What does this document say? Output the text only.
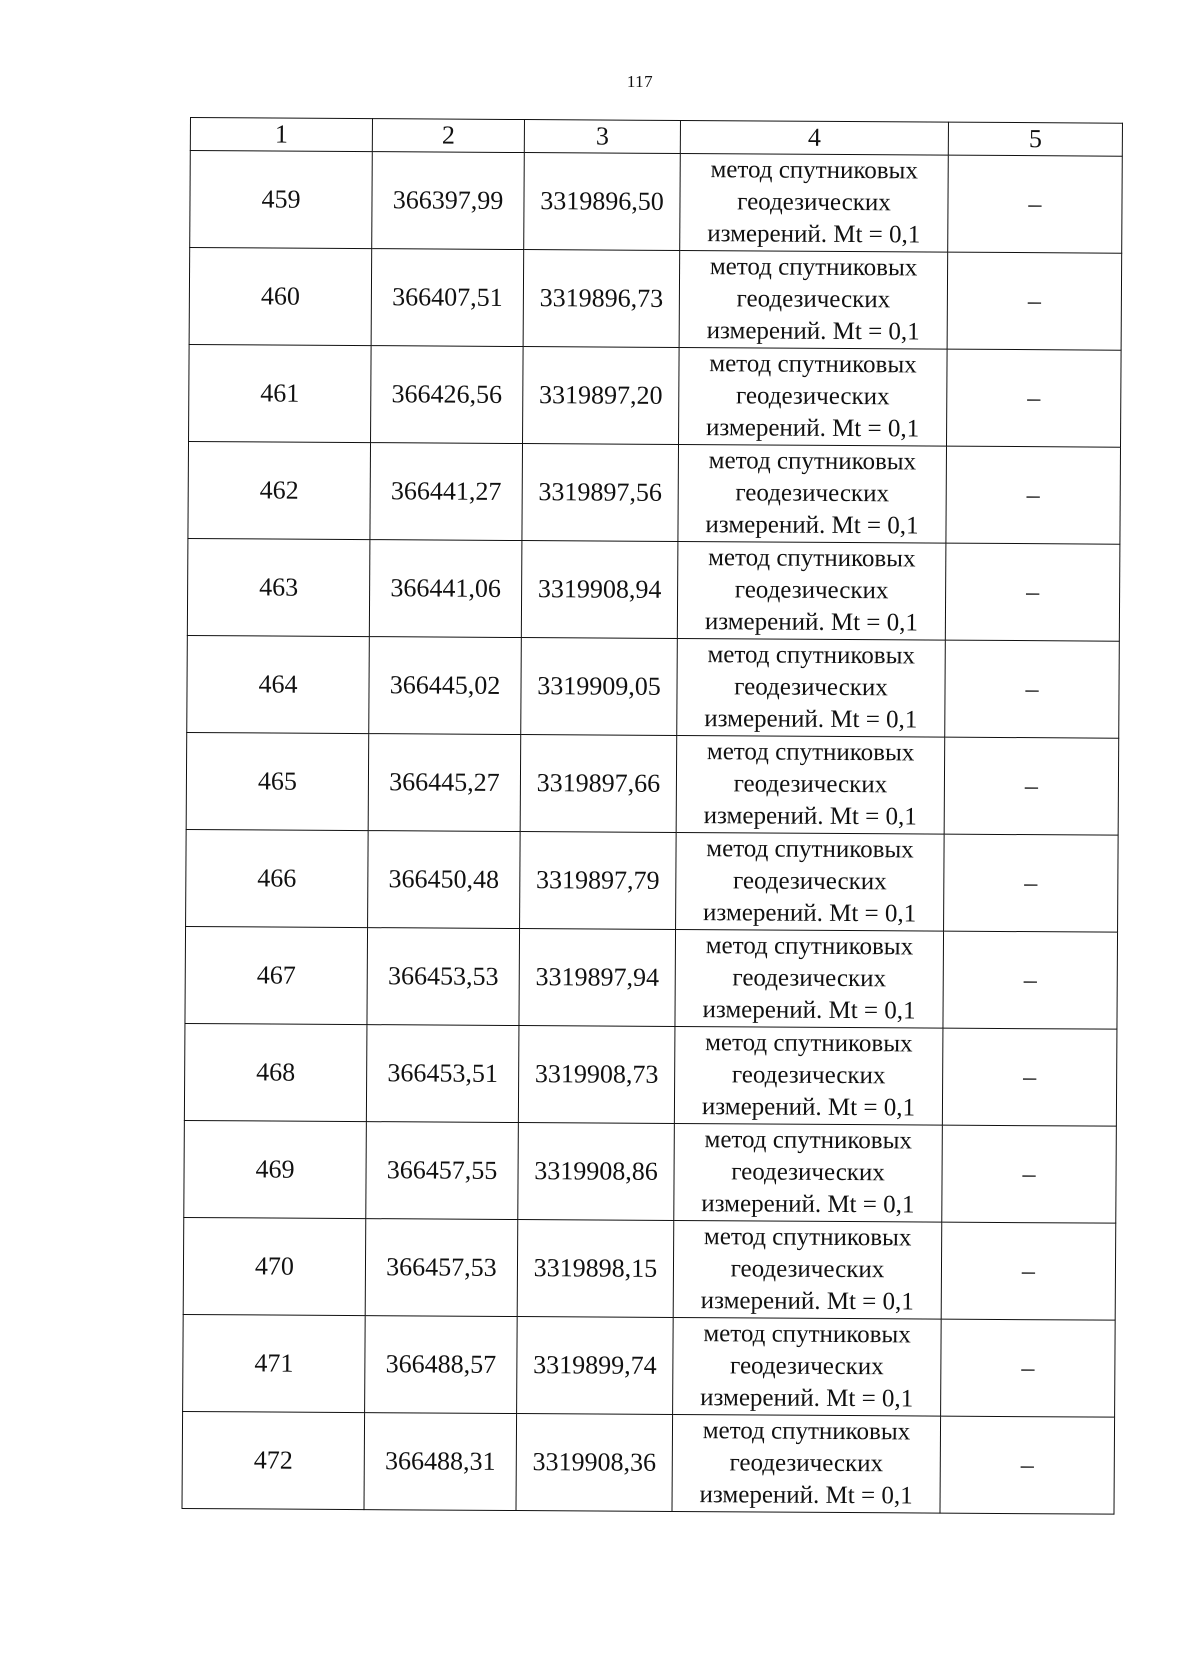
117
1	2	3	4	5
459	366397,99	3319896,50	метод спутниковых
геодезических
измерений. Mt = 0,1	–
460	366407,51	3319896,73	метод спутниковых
геодезических
измерений. Mt = 0,1	–
461	366426,56	3319897,20	метод спутниковых
геодезических
измерений. Mt = 0,1	–
462	366441,27	3319897,56	метод спутниковых
геодезических
измерений. Mt = 0,1	–
463	366441,06	3319908,94	метод спутниковых
геодезических
измерений. Mt = 0,1	–
464	366445,02	3319909,05	метод спутниковых
геодезических
измерений. Mt = 0,1	–
465	366445,27	3319897,66	метод спутниковых
геодезических
измерений. Mt = 0,1	–
466	366450,48	3319897,79	метод спутниковых
геодезических
измерений. Mt = 0,1	–
467	366453,53	3319897,94	метод спутниковых
геодезических
измерений. Mt = 0,1	–
468	366453,51	3319908,73	метод спутниковых
геодезических
измерений. Mt = 0,1	–
469	366457,55	3319908,86	метод спутниковых
геодезических
измерений. Mt = 0,1	–
470	366457,53	3319898,15	метод спутниковых
геодезических
измерений. Mt = 0,1	–
471	366488,57	3319899,74	метод спутниковых
геодезических
измерений. Mt = 0,1	–
472	366488,31	3319908,36	метод спутниковых
геодезических
измерений. Mt = 0,1	–
